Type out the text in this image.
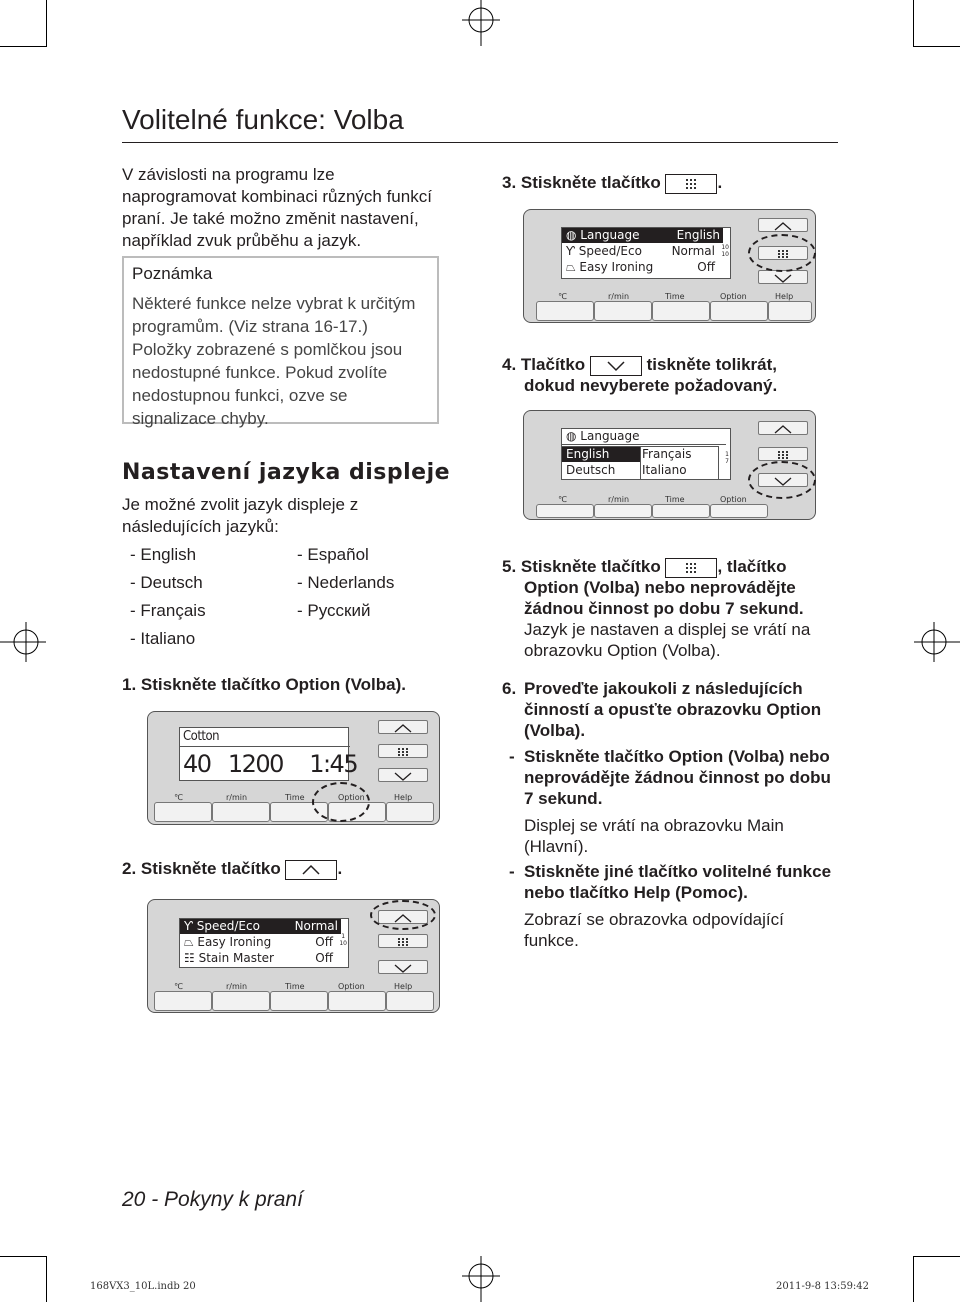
Volitelné funkce: Volba
V závislosti na programu lze naprogramovat kombinaci různých funkcí praní. Je také možno změnit nastavení, například zvuk průběhu a jazyk.
Poznámka
Některé funkce nelze vybrat k určitým programům. (Viz strana 16-17.)
Položky zobrazené s pomlčkou jsou nedostupné funkce. Pokud zvolíte nedostupnou funkci, ozve se signalizace chyby.
Nastavení jazyka displeje
Je možné zvolit jazyk displeje z následujících jazyků:
- English
- Deutsch
- Français
- Italiano
- Español
- Nederlands
- Русский
1. Stiskněte tlačítko Option (Volba).
Cotton
40 1200 1:45
℃	r/min	Time	Option	Help
2. Stiskněte tlačítko	.
Ƴ Speed/Eco	Normal
⏢ Easy Ironing	Off
☷ Stain Master	Off
1
10
℃	r/min	Time	Option	Help
3. Stiskněte tlačítko	.
◍ Language	English
Ƴ Speed/Eco Normal
⏢ Easy Ironing	Off
10
10
℃	r/min	Time	Option	Help
4. Tlačítko	tiskněte tolikrát,
dokud nevyberete požadovaný.
◍ Language
English	Français
Deutsch Italiano
1
7
℃	r/min	Time	Option
5. Stiskněte tlačítko	, tlačítko
Option (Volba) nebo neprovádějte
žádnou činnost po dobu 7 sekund.
Jazyk je nastaven a displej se vrátí na obrazovku Option (Volba).
6. Proveďte jakoukoli z následujících činností a opusťte obrazovku Option (Volba).
- Stiskněte tlačítko Option (Volba) nebo neprovádějte žádnou činnost po dobu 7 sekund.
Displej se vrátí na obrazovku Main (Hlavní).
- Stiskněte jiné tlačítko volitelné funkce nebo tlačítko Help (Pomoc).
Zobrazí se obrazovka odpovídající funkce.
20 - Pokyny k praní
168VX3_10L.indb 20	2011-9-8 13:59:42
